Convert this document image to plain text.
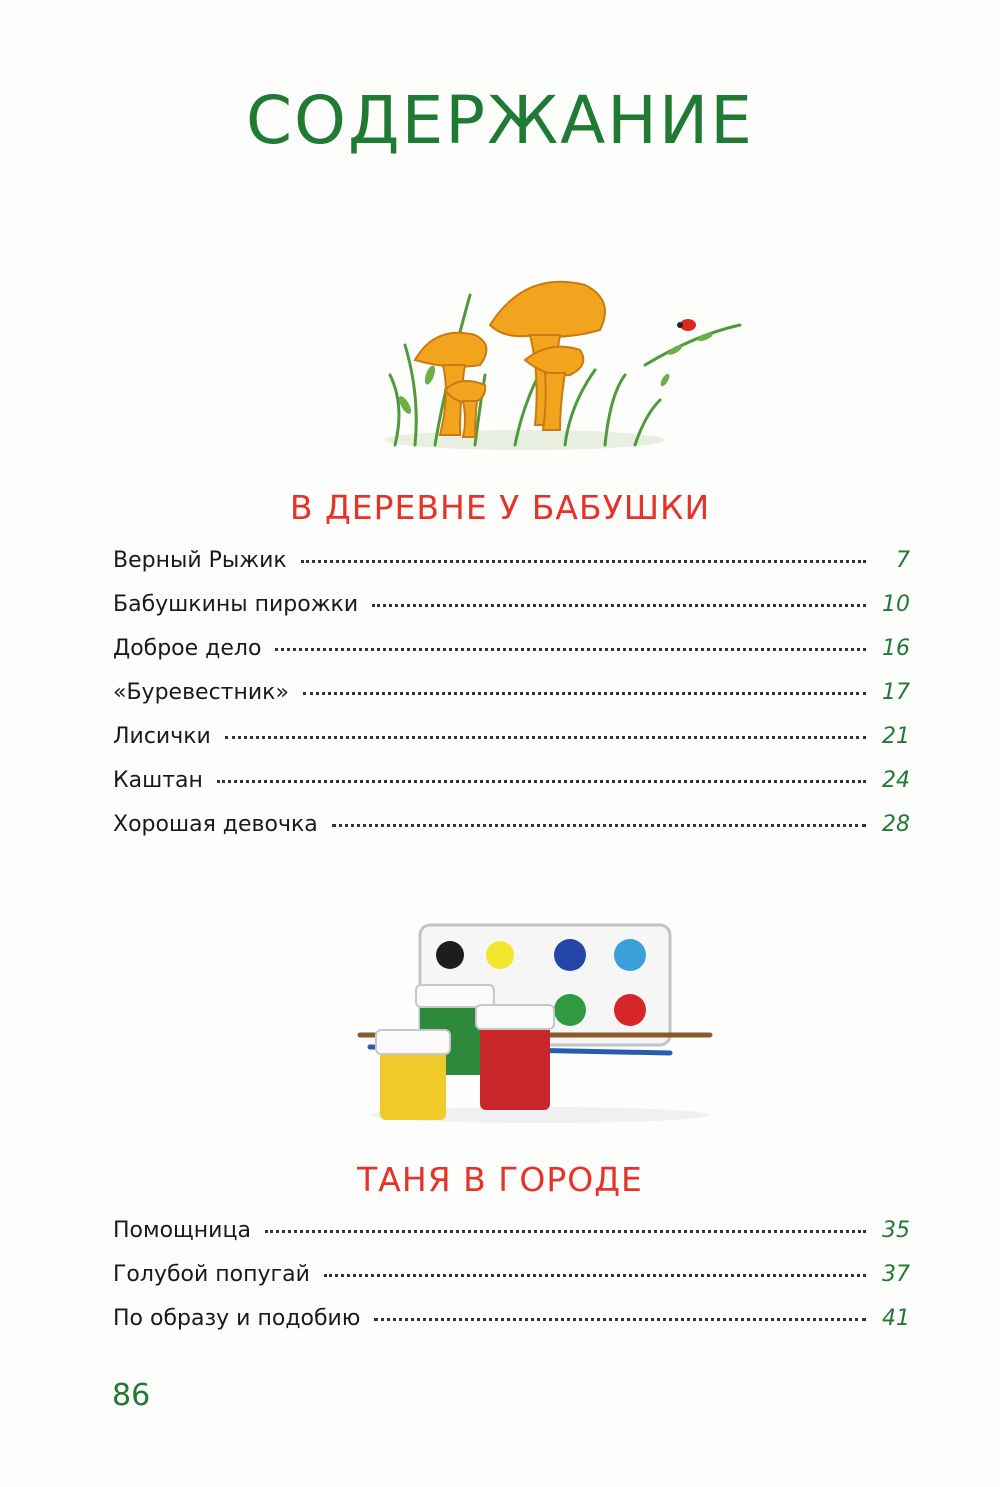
СОДЕРЖАНИЕ
В ДЕРЕВНЕ У БАБУШКИ
Верный Рыжик	7
Бабушкины пирожки	10
Доброе дело	16
«Буревестник»	17
Лисички	21
Каштан	24
Хорошая девочка	28
ТАНЯ В ГОРОДЕ
Помощница	35
Голубой попугай	37
По образу и подобию	41
86
